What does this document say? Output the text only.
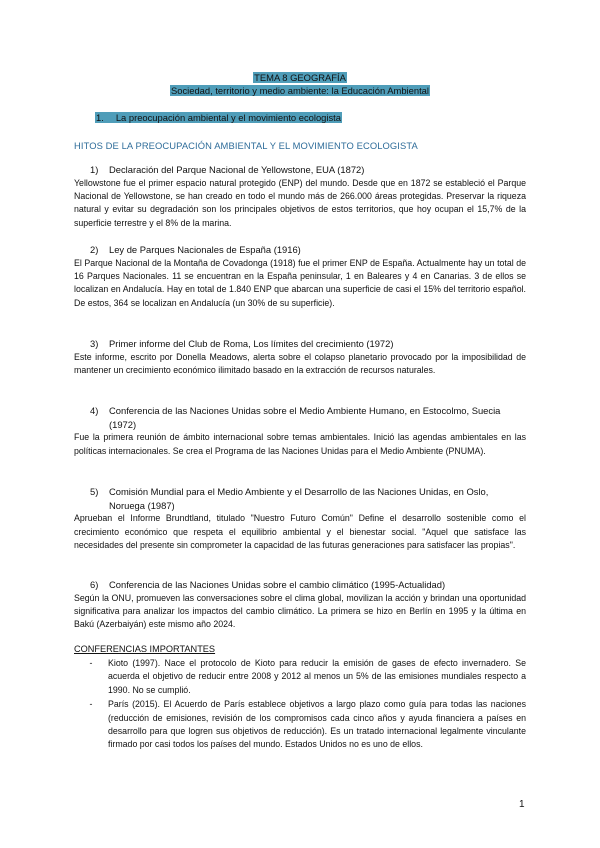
TEMA 8 GEOGRAFÍA
Sociedad, territorio y medio ambiente: la Educación Ambiental
1. La preocupación ambiental y el movimiento ecologista
HITOS DE LA PREOCUPACIÓN AMBIENTAL Y EL MOVIMIENTO ECOLOGISTA
1)	Declaración del Parque Nacional de Yellowstone, EUA (1872)

Yellowstone fue el primer espacio natural protegido (ENP) del mundo. Desde que en 1872 se estableció el Parque Nacional de Yellowstone, se han creado en todo el mundo más de 266.000 áreas protegidas. Preservar la riqueza natural y evitar su degradación son los principales objetivos de estos territorios, que hoy ocupan el 15,7% de la superficie terrestre y el 8% de la marina.

2)	Ley de Parques Nacionales de España (1916)

El Parque Nacional de la Montaña de Covadonga (1918) fue el primer ENP de España. Actualmente hay un total de 16 Parques Nacionales. 11 se encuentran en la España peninsular, 1 en Baleares y 4 en Canarias. 3 de ellos se localizan en Andalucía. Hay en total de 1.840 ENP que abarcan una superficie de casi el 15% del territorio español. De estos, 364 se localizan en Andalucía (un 30% de su superficie).

3)	Primer informe del Club de Roma, Los límites del crecimiento (1972)

Este informe, escrito por Donella Meadows, alerta sobre el colapso planetario provocado por la imposibilidad de mantener un crecimiento económico ilimitado basado en la extracción de recursos naturales.

4)	Conferencia de las Naciones Unidas sobre el Medio Ambiente Humano, en Estocolmo, Suecia (1972)

Fue la primera reunión de ámbito internacional sobre temas ambientales. Inició las agendas ambientales en las políticas internacionales. Se crea el Programa de las Naciones Unidas para el Medio Ambiente (PNUMA).

5)	Comisión Mundial para el Medio Ambiente y el Desarrollo de las Naciones Unidas, en Oslo, Noruega (1987)

Aprueban el Informe Brundtland, titulado "Nuestro Futuro Común" Define el desarrollo sostenible como el crecimiento económico que respeta el equilibrio ambiental y el bienestar social. "Aquel que satisface las necesidades del presente sin comprometer la capacidad de las futuras generaciones para satisfacer las propias".

6)	Conferencia de las Naciones Unidas sobre el cambio climático (1995-Actualidad)

Según la ONU, promueven las conversaciones sobre el clima global, movilizan la acción y brindan una oportunidad significativa para analizar los impactos del cambio climático. La primera se hizo en Berlín en 1995 y la última en Bakú (Azerbaiyán) este mismo año 2024.

CONFERENCIAS IMPORTANTES
-	Kioto (1997). Nace el protocolo de Kioto para reducir la emisión de gases de efecto invernadero. Se acuerda el objetivo de reducir entre 2008 y 2012 al menos un 5% de las emisiones mundiales respecto a 1990. No se cumplió.
-	París (2015). El Acuerdo de París establece objetivos a largo plazo como guía para todas las naciones (reducción de emisiones, revisión de los compromisos cada cinco años y ayuda financiera a países en desarrollo para que logren sus objetivos de reducción). Es un tratado internacional legalmente vinculante firmado por casi todos los países del mundo. Estados Unidos no es uno de ellos.
1
